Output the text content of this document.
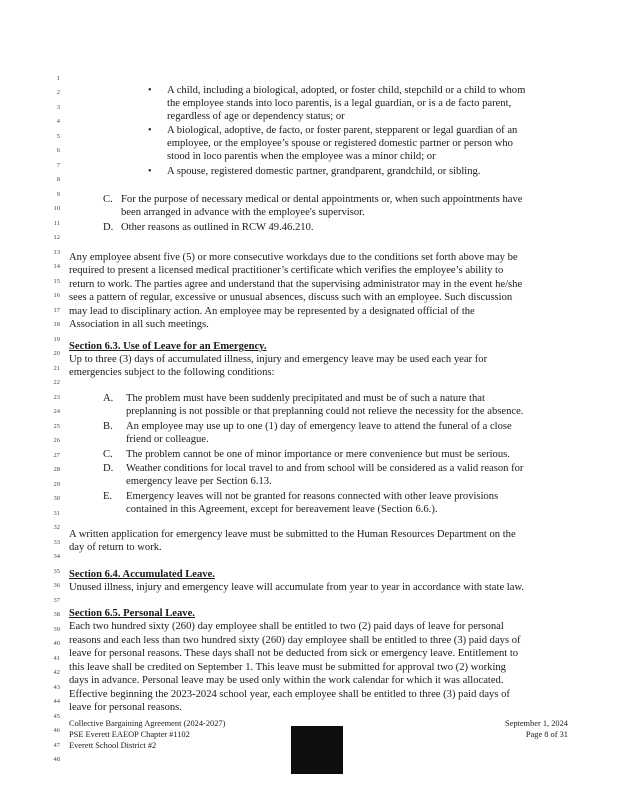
1
2
3
4
5
6
7
8
9
10
11
12
13
14
15
16
17
18
19
20
21
22
23
24
25
26
27
28
29
30
31
32
33
34
35
36
37
38
39
40
41
42
43
44
45
46
47
48
• A child, including a biological, adopted, or foster child, stepchild or a child to whom
the employee stands into loco parentis, is a legal guardian, or is a de facto parent,
regardless of age or dependency status; or
• A biological, adoptive, de facto, or foster parent, stepparent or legal guardian of an
employee, or the employee’s spouse or registered domestic partner or person who
stood in loco parentis when the employee was a minor child; or
• A spouse, registered domestic partner, grandparent, grandchild, or sibling.
C. For the purpose of necessary medical or dental appointments or, when such appointments have
been arranged in advance with the employee's supervisor.
D. Other reasons as outlined in RCW 49.46.210.
Any employee absent five (5) or more consecutive workdays due to the conditions set forth above may be
required to present a licensed medical practitioner’s certificate which verifies the employee’s ability to
return to work. The parties agree and understand that the supervising administrator may in the event he/she
sees a pattern of regular, excessive or unusual absences, discuss such with an employee. Such discussion
may lead to disciplinary action. An employee may be represented by a designated official of the
Association in all such meetings.
Section 6.3. Use of Leave for an Emergency.
Up to three (3) days of accumulated illness, injury and emergency leave may be used each year for
emergencies subject to the following conditions:
A. The problem must have been suddenly precipitated and must be of such a nature that
preplanning is not possible or that preplanning could not relieve the necessity for the absence.
B. An employee may use up to one (1) day of emergency leave to attend the funeral of a close
friend or colleague.
C. The problem cannot be one of minor importance or mere convenience but must be serious.
D. Weather conditions for local travel to and from school will be considered as a valid reason for
emergency leave per Section 6.13.
E. Emergency leaves will not be granted for reasons connected with other leave provisions
contained in this Agreement, except for bereavement leave (Section 6.6.).
A written application for emergency leave must be submitted to the Human Resources Department on the
day of return to work.
Section 6.4. Accumulated Leave.
Unused illness, injury and emergency leave will accumulate from year to year in accordance with state law.
Section 6.5. Personal Leave.
Each two hundred sixty (260) day employee shall be entitled to two (2) paid days of leave for personal
reasons and each less than two hundred sixty (260) day employee shall be entitled to three (3) paid days of
leave for personal reasons. These days shall not be deducted from sick or emergency leave. Entitlement to
this leave shall be credited on September 1. This leave must be submitted for approval two (2) working
days in advance. Personal leave may be used only within the work calendar for which it was allocated.
Effective beginning the 2023-2024 school year, each employee shall be entitled to three (3) paid days of
leave for personal reasons.
Collective Bargaining Agreement (2024-2027)
PSE Everett EAEOP Chapter #1102
Everett School District #2
September 1, 2024
Page 8 of 31
